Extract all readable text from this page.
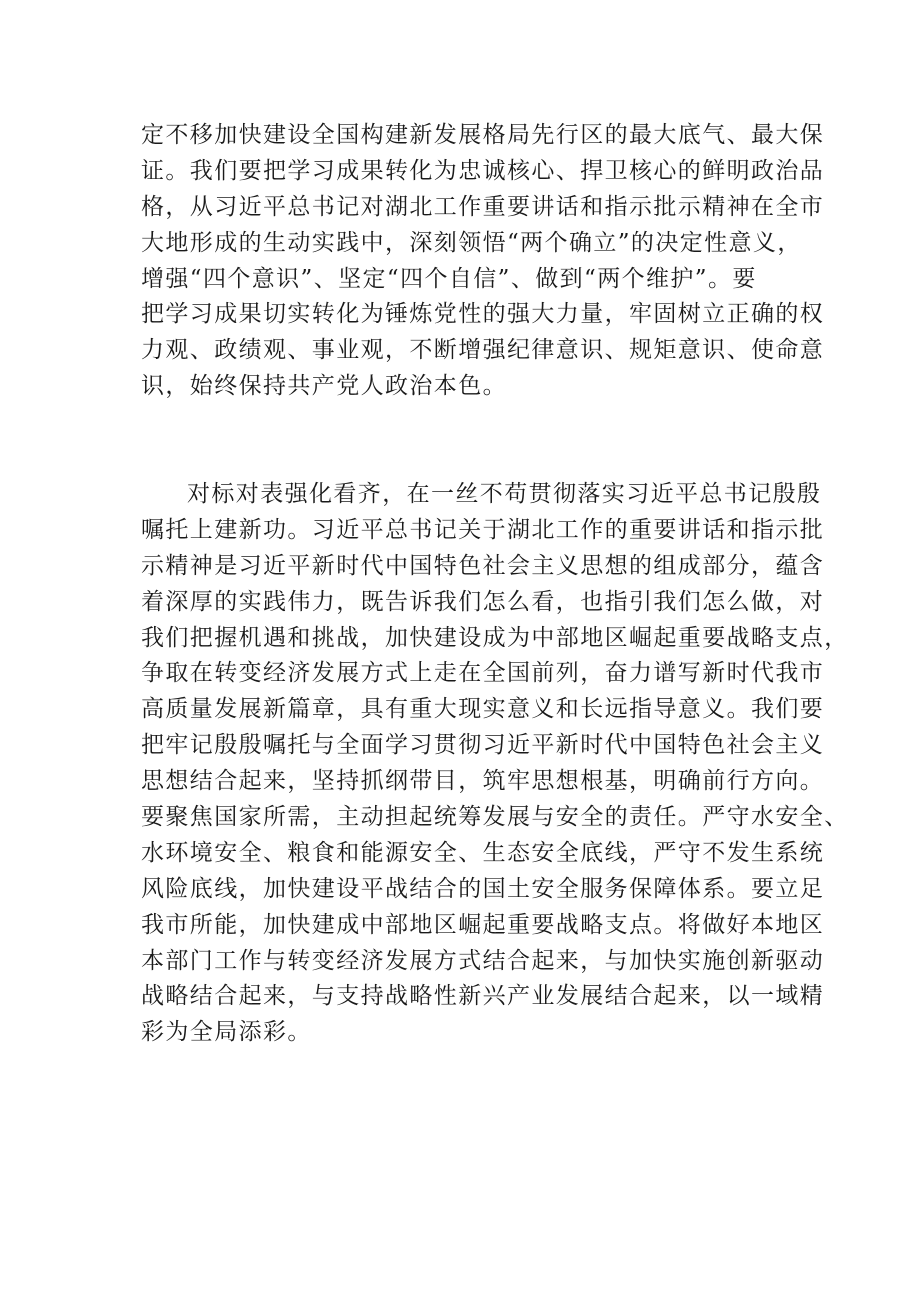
定不移加快建设全国构建新发展格局先行区的最大底气、最大保
证。我们要把学习成果转化为忠诚核心、捍卫核心的鲜明政治品
格，从习近平总书记对湖北工作重要讲话和指示批示精神在全市
大地形成的生动实践中，深刻领悟“两个确立”的决定性意义，
增强“四个意识”、坚定“四个自信”、做到“两个维护”。要
把学习成果切实转化为锤炼党性的强大力量，牢固树立正确的权
力观、政绩观、事业观，不断增强纪律意识、规矩意识、使命意
识，始终保持共产党人政治本色。
对标对表强化看齐，在一丝不苟贯彻落实习近平总书记殷殷
嘱托上建新功。习近平总书记关于湖北工作的重要讲话和指示批
示精神是习近平新时代中国特色社会主义思想的组成部分，蕴含
着深厚的实践伟力，既告诉我们怎么看，也指引我们怎么做，对
我们把握机遇和挑战，加快建设成为中部地区崛起重要战略支点，
争取在转变经济发展方式上走在全国前列，奋力谱写新时代我市
高质量发展新篇章，具有重大现实意义和长远指导意义。我们要
把牢记殷殷嘱托与全面学习贯彻习近平新时代中国特色社会主义
思想结合起来，坚持抓纲带目，筑牢思想根基，明确前行方向。
要聚焦国家所需，主动担起统筹发展与安全的责任。严守水安全、
水环境安全、粮食和能源安全、生态安全底线，严守不发生系统
风险底线，加快建设平战结合的国土安全服务保障体系。要立足
我市所能，加快建成中部地区崛起重要战略支点。将做好本地区
本部门工作与转变经济发展方式结合起来，与加快实施创新驱动
战略结合起来，与支持战略性新兴产业发展结合起来，以一域精
彩为全局添彩。
